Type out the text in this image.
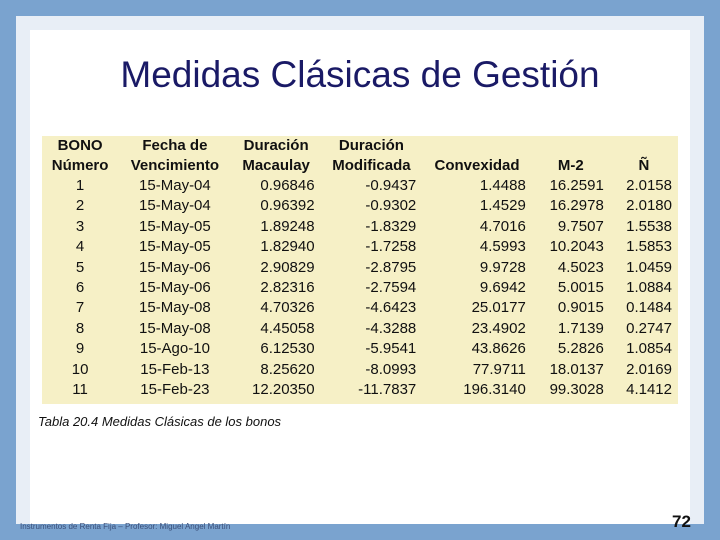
Medidas Clásicas de Gestión
BONO	Fecha de	Duración	Duración			
Número	Vencimiento	Macaulay	Modificada	Convexidad	M-2	Ñ
1	15-May-04	0.96846	-0.9437	1.4488	16.2591	2.0158
2	15-May-04	0.96392	-0.9302	1.4529	16.2978	2.0180
3	15-May-05	1.89248	-1.8329	4.7016	9.7507	1.5538
4	15-May-05	1.82940	-1.7258	4.5993	10.2043	1.5853
5	15-May-06	2.90829	-2.8795	9.9728	4.5023	1.0459
6	15-May-06	2.82316	-2.7594	9.6942	5.0015	1.0884
7	15-May-08	4.70326	-4.6423	25.0177	0.9015	0.1484
8	15-May-08	4.45058	-4.3288	23.4902	1.7139	0.2747
9	15-Ago-10	6.12530	-5.9541	43.8626	5.2826	1.0854
10	15-Feb-13	8.25620	-8.0993	77.9711	18.0137	2.0169
11	15-Feb-23	12.20350	-11.7837	196.3140	99.3028	4.1412
Tabla 20.4 Medidas Clásicas de los bonos
Instrumentos de Renta Fija – Profesor: Miguel Angel Martín	72
